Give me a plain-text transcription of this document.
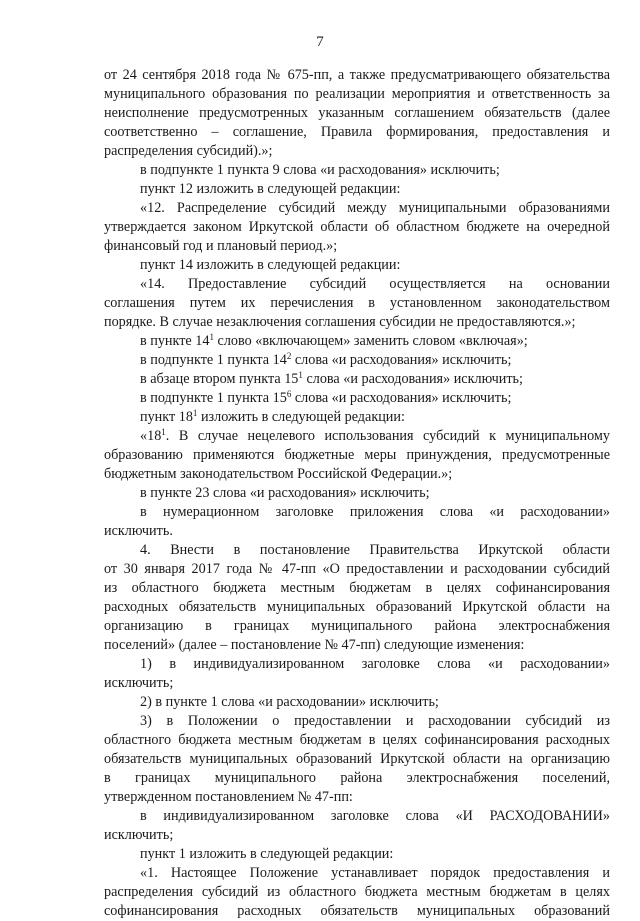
7
от 24 сентября 2018 года № 675-пп, а также предусматривающего обязательства
муниципального образования по реализации мероприятия и ответственность за
неисполнение предусмотренных указанным соглашением обязательств (далее
соответственно – соглашение, Правила формирования, предоставления и
распределения субсидий).»;
в подпункте 1 пункта 9 слова «и расходования» исключить;
пункт 12 изложить в следующей редакции:
«12. Распределение субсидий между муниципальными образованиями
утверждается законом Иркутской области об областном бюджете на очередной
финансовый год и плановый период.»;
пункт 14 изложить в следующей редакции:
«14. Предоставление субсидий осуществляется на основании
соглашения путем их перечисления в установленном законодательством
порядке. В случае незаключения соглашения субсидии не предоставляются.»;
в пункте $14^1$ слово «включающем» заменить словом «включая»;
в подпункте 1 пункта $14^2$ слова «и расходования» исключить;
в абзаце втором пункта $15^1$ слова «и расходования» исключить;
в подпункте 1 пункта $15^6$ слова «и расходования» исключить;
пункт $18^1$ изложить в следующей редакции:
«$18^1$. В случае нецелевого использования субсидий к муниципальному
образованию применяются бюджетные меры принуждения, предусмотренные
бюджетным законодательством Российской Федерации.»;
в пункте 23 слова «и расходования» исключить;
в нумерационном заголовке приложения слова «и расходовании»
исключить.
4. Внести в постановление Правительства Иркутской области
от 30 января 2017 года № 47-пп «О предоставлении и расходовании субсидий
из областного бюджета местным бюджетам в целях софинансирования
расходных обязательств муниципальных образований Иркутской области на
организацию в границах муниципального района электроснабжения
поселений» (далее – постановление № 47-пп) следующие изменения:
1) в индивидуализированном заголовке слова «и расходовании»
исключить;
2) в пункте 1 слова «и расходовании» исключить;
3) в Положении о предоставлении и расходовании субсидий из
областного бюджета местным бюджетам в целях софинансирования расходных
обязательств муниципальных образований Иркутской области на организацию
в границах муниципального района электроснабжения поселений,
утвержденном постановлением № 47-пп:
в индивидуализированном заголовке слова «И РАСХОДОВАНИИ»
исключить;
пункт 1 изложить в следующей редакции:
«1. Настоящее Положение устанавливает порядок предоставления и
распределения субсидий из областного бюджета местным бюджетам в целях
софинансирования расходных обязательств муниципальных образований
